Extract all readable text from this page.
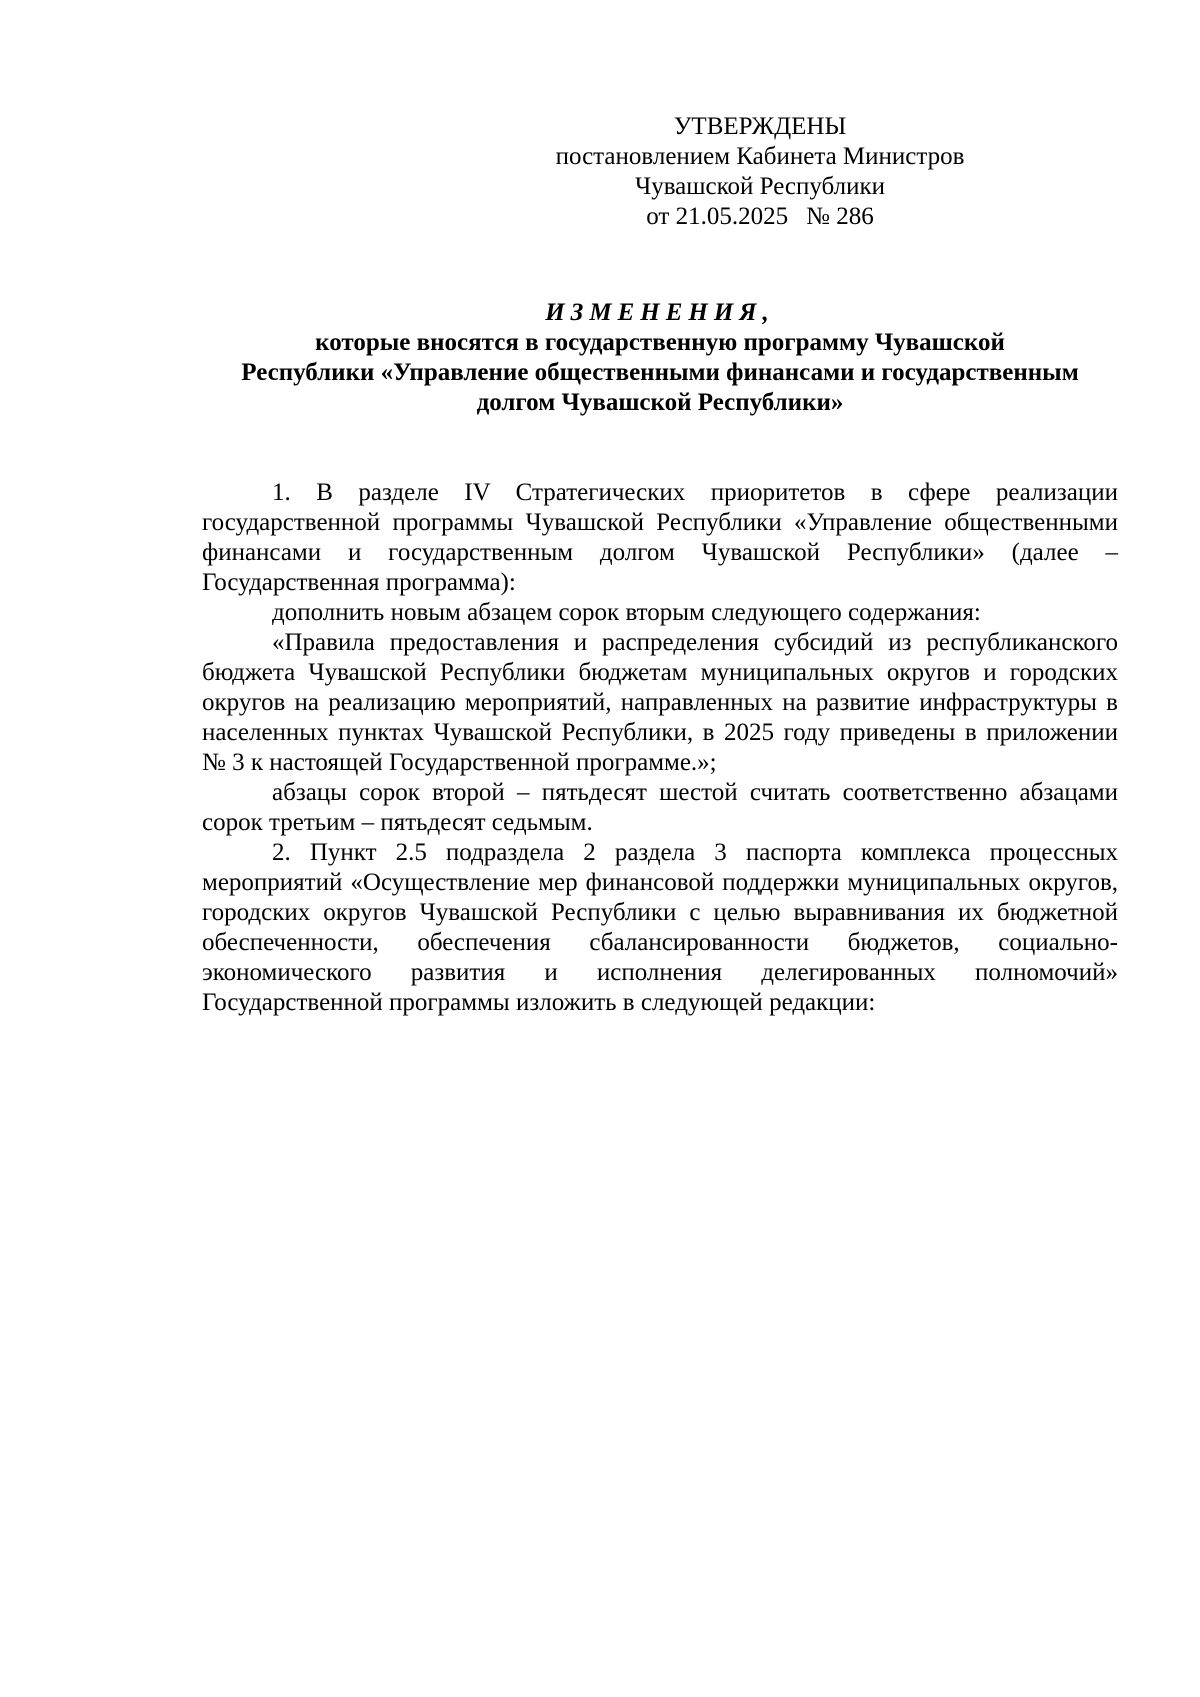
УТВЕРЖДЕНЫ
постановлением Кабинета Министров
Чувашской Республики
от 21.05.2025 № 286
ИЗМЕНЕНИЯ,
которые вносятся в государственную программу Чувашской
Республики «Управление общественными финансами и государственным
долгом Чувашской Республики»

1. В разделе IV Стратегических приоритетов в сфере реализации государственной программы Чувашской Республики «Управление общественными финансами и государственным долгом Чувашской Республики» (далее – Государственная программа):

дополнить новым абзацем сорок вторым следующего содержания:

«Правила предоставления и распределения субсидий из республиканского бюджета Чувашской Республики бюджетам муниципальных округов и городских округов на реализацию мероприятий, направленных на развитие инфраструктуры в населенных пунктах Чувашской Республики, в 2025 году приведены в приложении № 3 к настоящей Государственной программе.»;

абзацы сорок второй – пятьдесят шестой считать соответственно абзацами сорок третьим – пятьдесят седьмым.

2. Пункт 2.5 подраздела 2 раздела 3 паспорта комплекса процессных мероприятий «Осуществление мер финансовой поддержки муниципальных округов, городских округов Чувашской Республики с целью выравнивания их бюджетной обеспеченности, обеспечения сбалансированности бюджетов, социально-экономического развития и исполнения делегированных полномочий» Государственной программы изложить в следующей редакции:
